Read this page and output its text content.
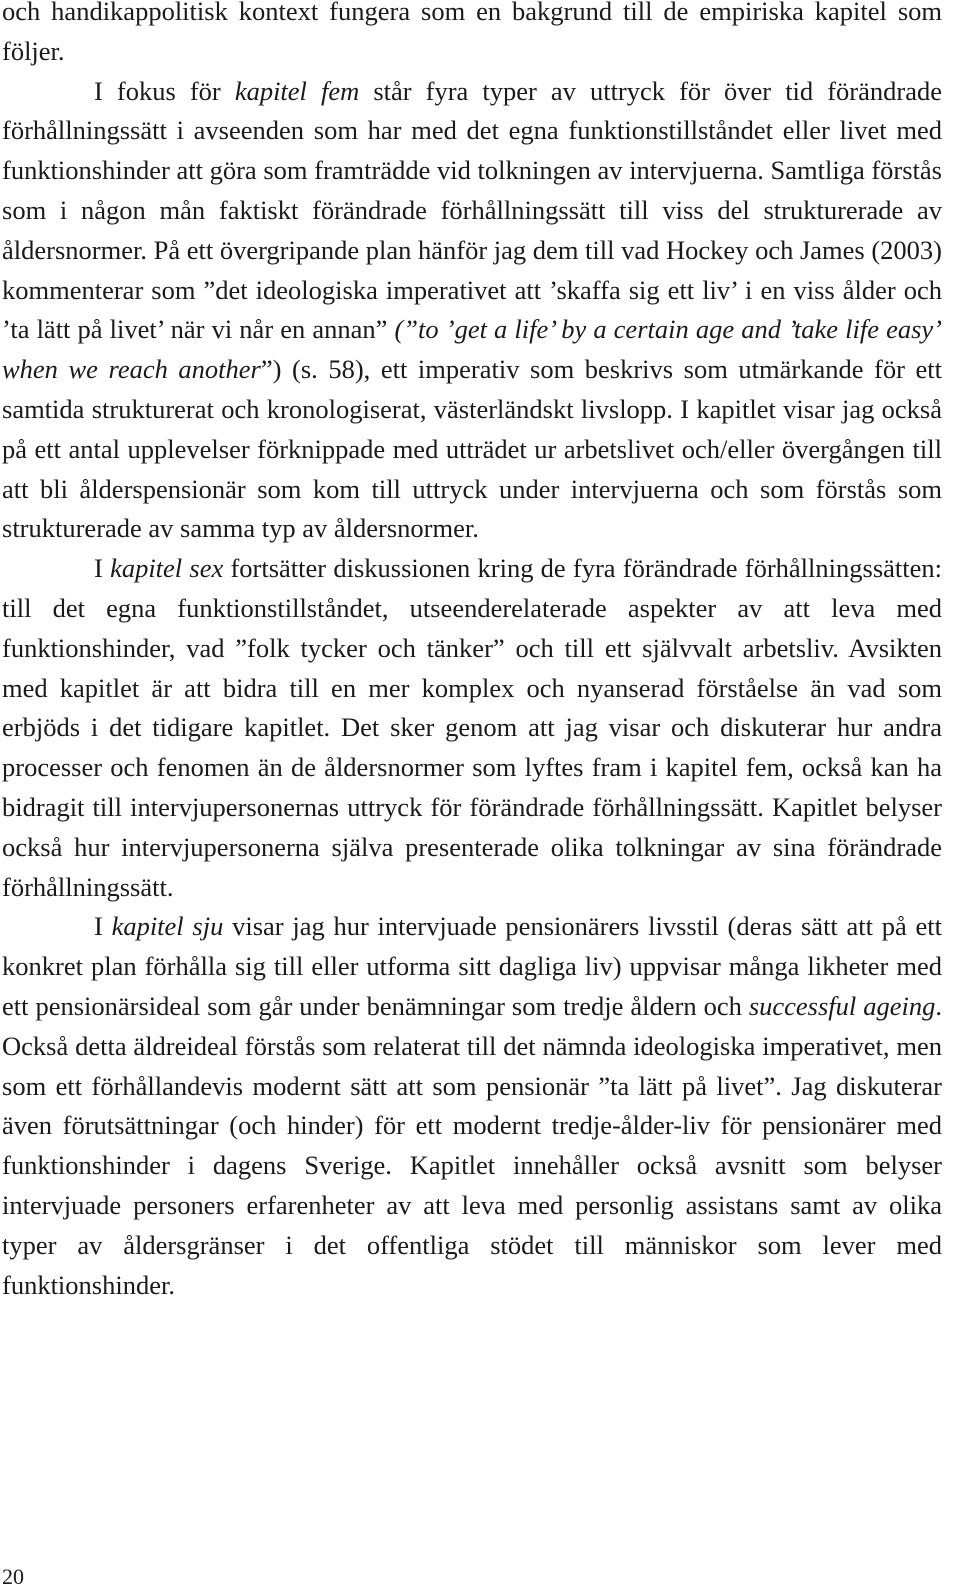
och handikappolitisk kontext fungera som en bakgrund till de empiriska kapitel som följer.

I fokus för kapitel fem står fyra typer av uttryck för över tid förändrade förhållningssätt i avseenden som har med det egna funktionstillståndet eller livet med funktionshinder att göra som framträdde vid tolkningen av intervjuerna. Samtliga förstås som i någon mån faktiskt förändrade förhållningssätt till viss del strukturerade av åldersnormer. På ett övergripande plan hänför jag dem till vad Hockey och James (2003) kommenterar som ”det ideologiska imperativet att ’skaffa sig ett liv’ i en viss ålder och ’ta lätt på livet’ när vi når en annan” (”to ’get a life’ by a certain age and ’take life easy’ when we reach another”) (s. 58), ett imperativ som beskrivs som utmärkande för ett samtida strukturerat och kronologiserat, västerländskt livslopp. I kapitlet visar jag också på ett antal upplevelser förknippade med utträdet ur arbetslivet och/eller övergången till att bli ålderspensionär som kom till uttryck under intervjuerna och som förstås som strukturerade av samma typ av åldersnormer.

I kapitel sex fortsätter diskussionen kring de fyra förändrade förhållningssätten: till det egna funktionstillståndet, utseenderelaterade aspekter av att leva med funktionshinder, vad ”folk tycker och tänker” och till ett självvalt arbetsliv. Avsikten med kapitlet är att bidra till en mer komplex och nyanserad förståelse än vad som erbjöds i det tidigare kapitlet. Det sker genom att jag visar och diskuterar hur andra processer och fenomen än de åldersnormer som lyftes fram i kapitel fem, också kan ha bidragit till intervjupersonernas uttryck för förändrade förhållningssätt. Kapitlet belyser också hur intervjupersonerna själva presenterade olika tolkningar av sina förändrade förhållningssätt.

I kapitel sju visar jag hur intervjuade pensionärers livsstil (deras sätt att på ett konkret plan förhålla sig till eller utforma sitt dagliga liv) uppvisar många likheter med ett pensionärsideal som går under benämningar som tredje åldern och successful ageing. Också detta äldreideal förstås som relaterat till det nämnda ideologiska imperativet, men som ett förhållandevis modernt sätt att som pensionär ”ta lätt på livet”. Jag diskuterar även förutsättningar (och hinder) för ett modernt tredje-ålder-liv för pensionärer med funktionshinder i dagens Sverige. Kapitlet innehåller också avsnitt som belyser intervjuade personers erfarenheter av att leva med personlig assistans samt av olika typer av åldersgränser i det offentliga stödet till människor som lever med funktionshinder.

20
